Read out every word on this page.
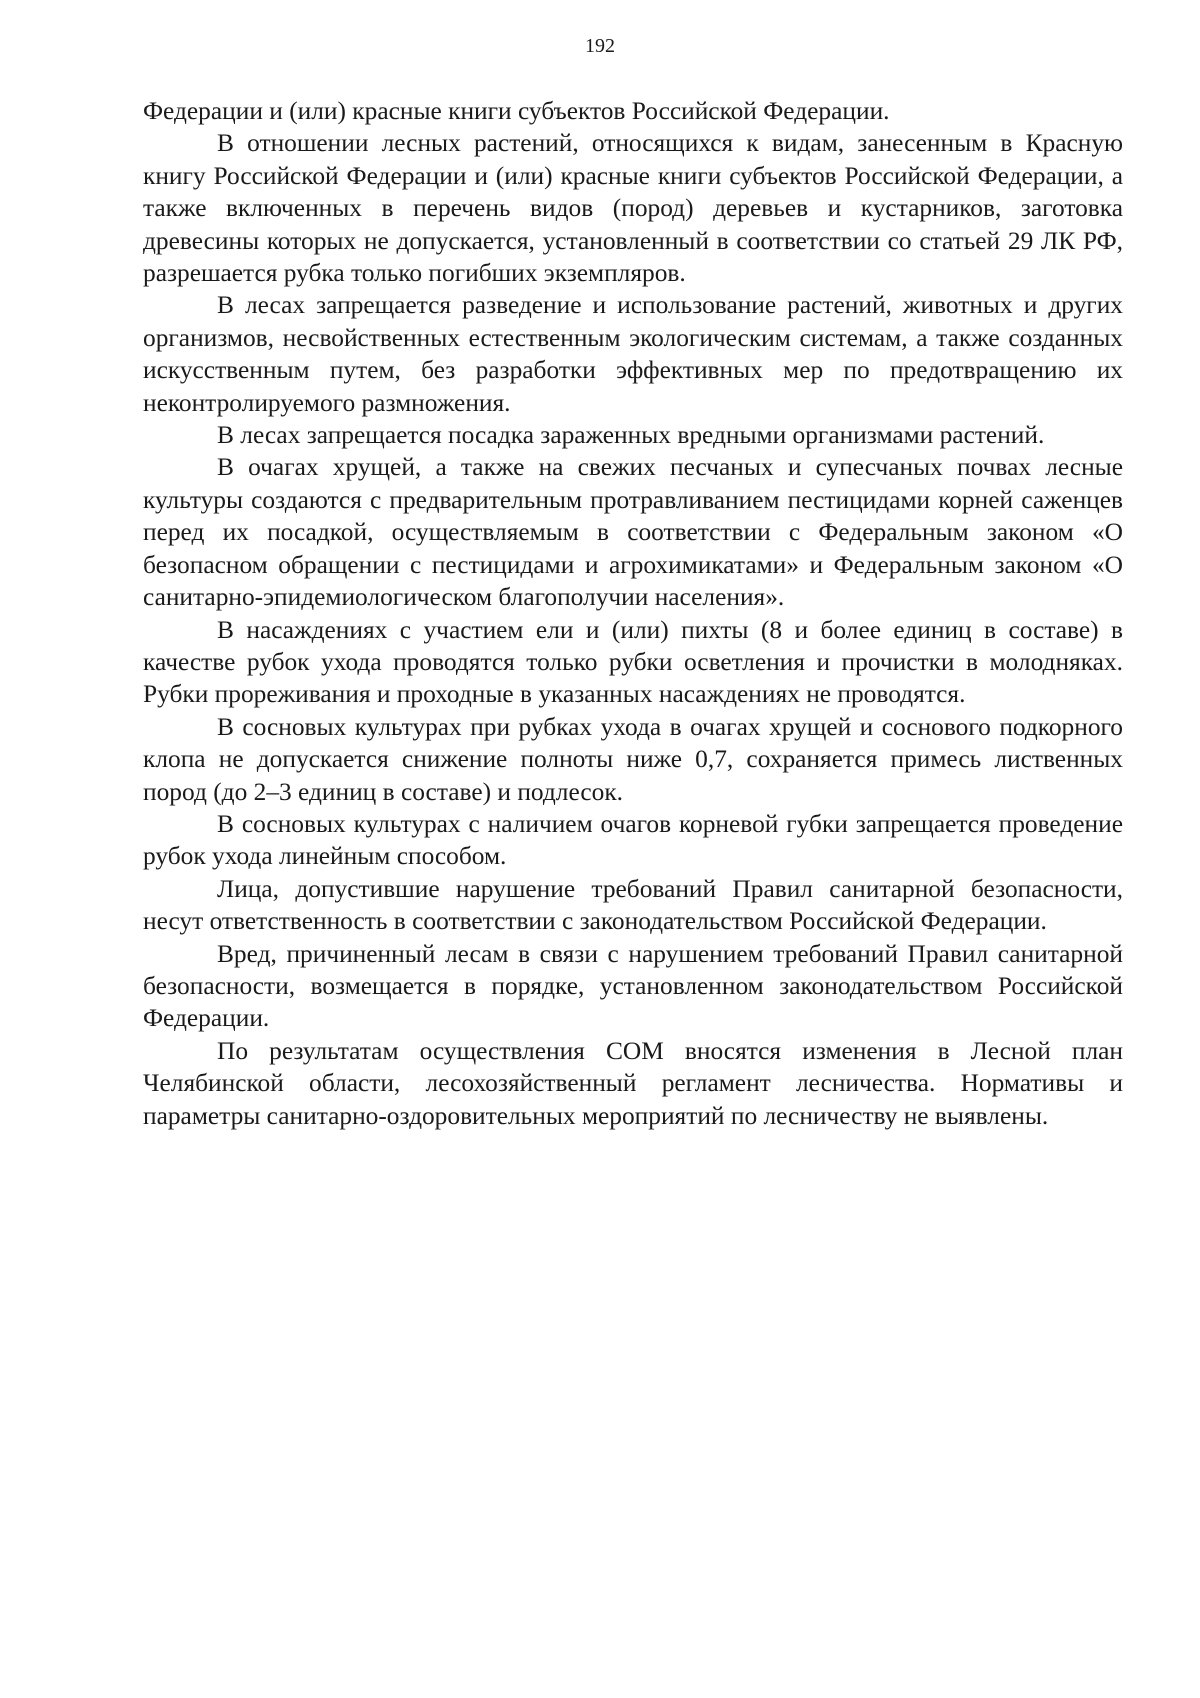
192

Федерации и (или) красные книги субъектов Российской Федерации.

В отношении лесных растений, относящихся к видам, занесенным в Красную книгу Российской Федерации и (или) красные книги субъектов Российской Федерации, а также включенных в перечень видов (пород) деревьев и кустарников, заготовка древесины которых не допускается, установленный в соответствии со статьей 29 ЛК РФ, разрешается рубка только погибших экземпляров.

В лесах запрещается разведение и использование растений, животных и других организмов, несвойственных естественным экологическим системам, а также созданных искусственным путем, без разработки эффективных мер по предотвращению их неконтролируемого размножения.

В лесах запрещается посадка зараженных вредными организмами растений.

В очагах хрущей, а также на свежих песчаных и супесчаных почвах лесные культуры создаются с предварительным протравливанием пестицидами корней саженцев перед их посадкой, осуществляемым в соответствии с Федеральным законом «О безопасном обращении с пестицидами и агрохимикатами» и Федеральным законом «О санитарно-эпидемиологическом благополучии населения».

В насаждениях с участием ели и (или) пихты (8 и более единиц в составе) в качестве рубок ухода проводятся только рубки осветления и прочистки в молодняках. Рубки прореживания и проходные в указанных насаждениях не проводятся.

В сосновых культурах при рубках ухода в очагах хрущей и соснового подкорного клопа не допускается снижение полноты ниже 0,7, сохраняется примесь лиственных пород (до 2–3 единиц в составе) и подлесок.

В сосновых культурах с наличием очагов корневой губки запрещается проведение рубок ухода линейным способом.

Лица, допустившие нарушение требований Правил санитарной безопасности, несут ответственность в соответствии с законодательством Российской Федерации.

Вред, причиненный лесам в связи с нарушением требований Правил санитарной безопасности, возмещается в порядке, установленном законодательством Российской Федерации.

По результатам осуществления СОМ вносятся изменения в Лесной план Челябинской области, лесохозяйственный регламент лесничества. Нормативы и параметры санитарно-оздоровительных мероприятий по лесничеству не выявлены.
